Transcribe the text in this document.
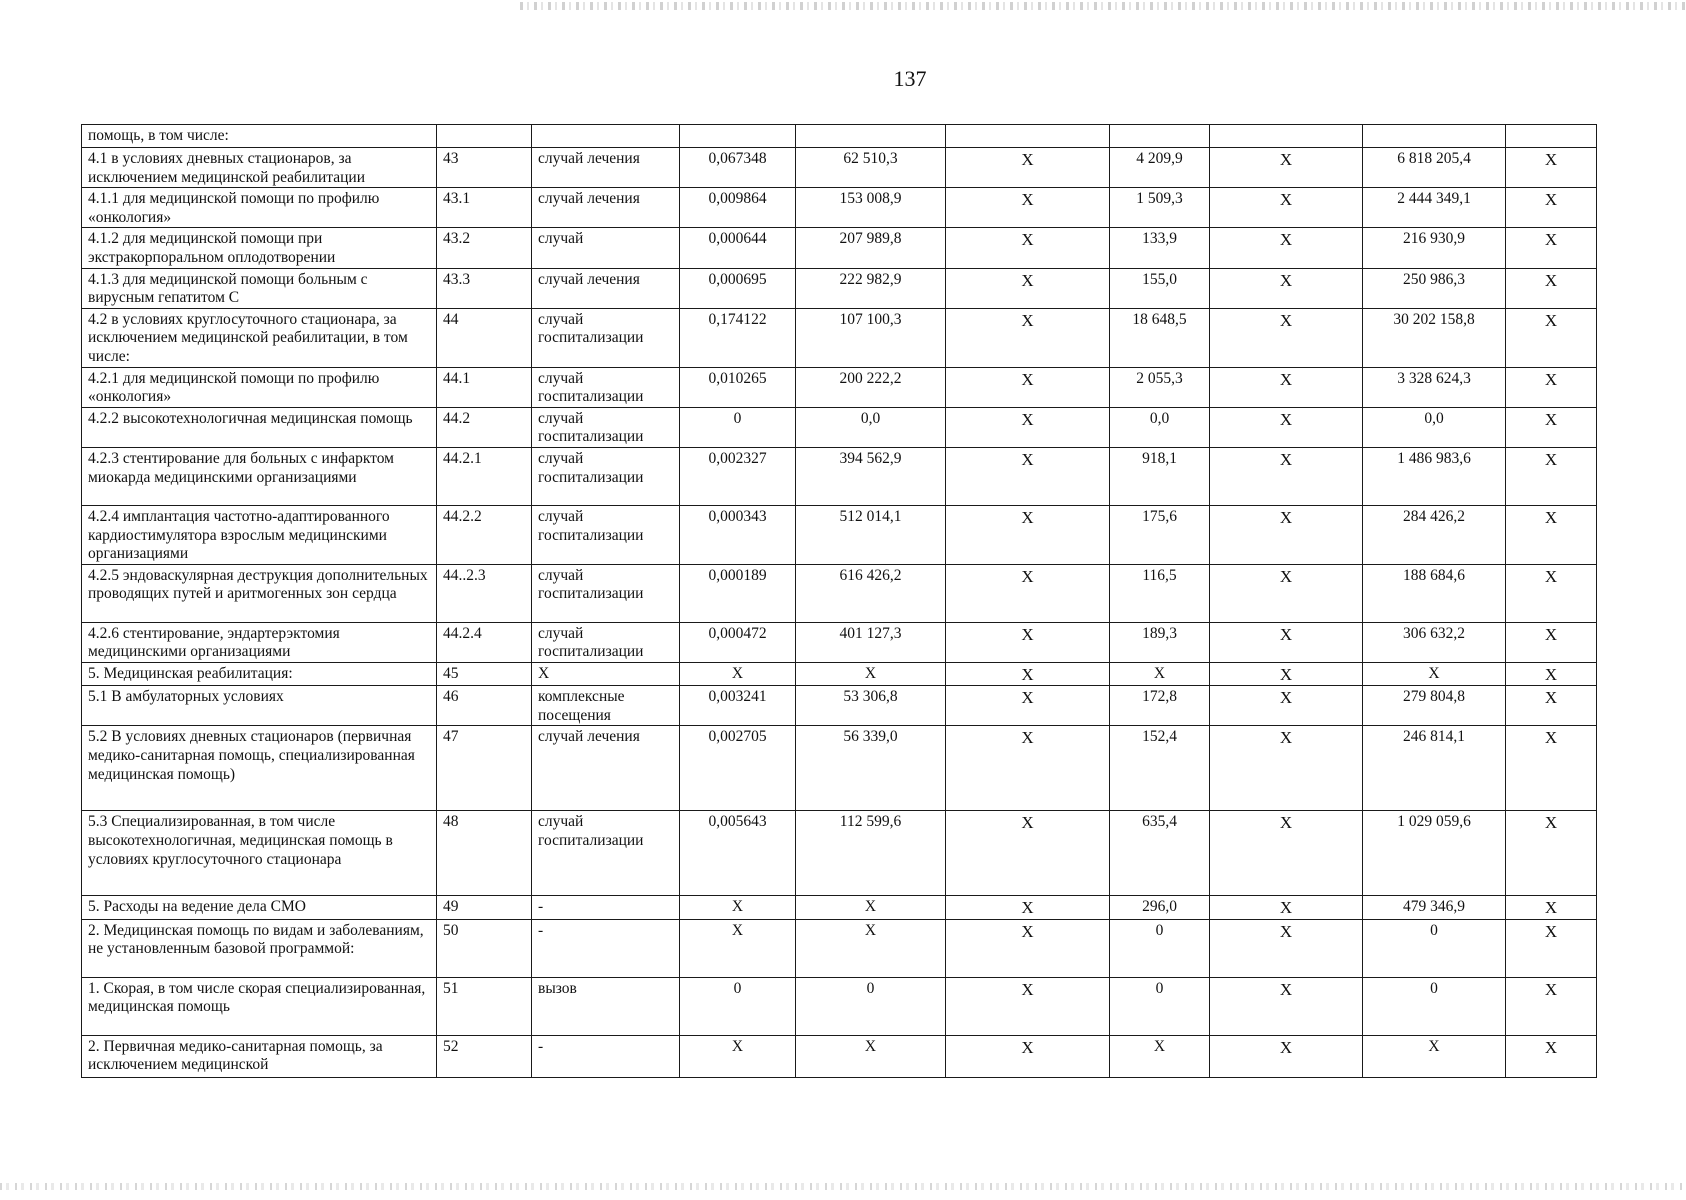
137
помощь, в том числе:									
4.1 в условиях дневных стационаров, за исключением медицинской реабилитации	43	случай лечения	0,067348	62 510,3	X	4 209,9	X	6 818 205,4	X
4.1.1 для медицинской помощи по профилю «онкология»	43.1	случай лечения	0,009864	153 008,9	X	1 509,3	X	2 444 349,1	X
4.1.2 для медицинской помощи при экстракорпоральном оплодотворении	43.2	случай	0,000644	207 989,8	X	133,9	X	216 930,9	X
4.1.3 для медицинской помощи больным с вирусным гепатитом С	43.3	случай лечения	0,000695	222 982,9	X	155,0	X	250 986,3	X
4.2 в условиях круглосуточного стационара, за исключением медицинской реабилитации, в том числе:	44	случай госпитализации	0,174122	107 100,3	X	18 648,5	X	30 202 158,8	X
4.2.1 для медицинской помощи по профилю «онкология»	44.1	случай госпитализации	0,010265	200 222,2	X	2 055,3	X	3 328 624,3	X
4.2.2 высокотехнологичная медицинская помощь	44.2	случай госпитализации	0	0,0	X	0,0	X	0,0	X
4.2.3 стентирование для больных с инфарктом миокарда медицинскими организациями	44.2.1	случай госпитализации	0,002327	394 562,9	X	918,1	X	1 486 983,6	X
4.2.4 имплантация частотно-адаптированного кардиостимулятора взрослым медицинскими организациями	44.2.2	случай госпитализации	0,000343	512 014,1	X	175,6	X	284 426,2	X
4.2.5 эндоваскулярная деструкция дополнительных проводящих путей и аритмогенных зон сердца	44..2.3	случай госпитализации	0,000189	616 426,2	X	116,5	X	188 684,6	X
4.2.6 стентирование, эндартерэктомия медицинскими организациями	44.2.4	случай госпитализации	0,000472	401 127,3	X	189,3	X	306 632,2	X
5. Медицинская реабилитация:	45	X	X	X	X	X	X	X	X
5.1 В амбулаторных условиях	46	комплексные посещения	0,003241	53 306,8	X	172,8	X	279 804,8	X
5.2 В условиях дневных стационаров (первичная медико-санитарная помощь, специализированная медицинская помощь)	47	случай лечения	0,002705	56 339,0	X	152,4	X	246 814,1	X
5.3 Специализированная, в том числе высокотехнологичная, медицинская помощь в условиях круглосуточного стационара	48	случай госпитализации	0,005643	112 599,6	X	635,4	X	1 029 059,6	X
5. Расходы на ведение дела СМО	49	-	X	X	X	296,0	X	479 346,9	X
2. Медицинская помощь по видам и заболеваниям, не установленным базовой программой:	50	-	X	X	X	0	X	0	X
1. Скорая, в том числе скорая специализированная, медицинская помощь	51	вызов	0	0	X	0	X	0	X
2. Первичная медико-санитарная помощь, за исключением медицинской	52	-	X	X	X	X	X	X	X
